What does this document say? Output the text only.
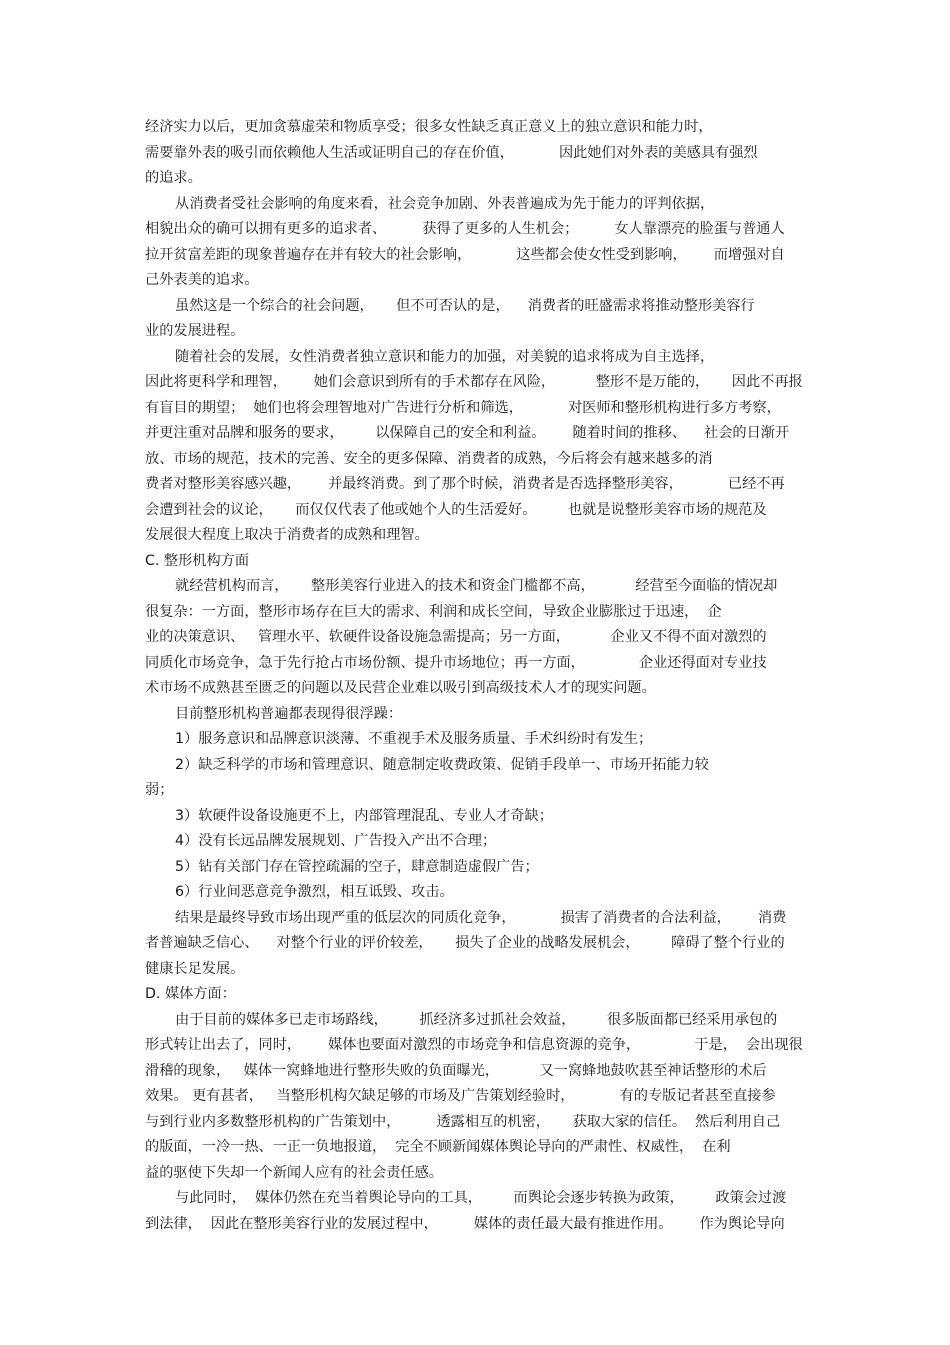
经济实力以后，更加贪慕虚荣和物质享受；很多女性缺乏真正意义上的独立意识和能力时，
需要靠外表的吸引而依赖他人生活或证明自己的存在价值，          因此她们对外表的美感具有强烈
的追求。
从消费者受社会影响的角度来看，社会竞争加剧、外表普遍成为先于能力的评判依据，
相貌出众的确可以拥有更多的追求者、        获得了更多的人生机会；        女人靠漂亮的脸蛋与普通人
拉开贫富差距的现象普遍存在并有较大的社会影响，          这些都会使女性受到影响，      而增强对自
己外表美的追求。
虽然这是一个综合的社会问题，     但不可否认的是，    消费者的旺盛需求将推动整形美容行
业的发展进程。
随着社会的发展，女性消费者独立意识和能力的加强，对美貌的追求将成为自主选择，
因此将更科学和理智，      她们会意识到所有的手术都存在风险，         整形不是万能的，     因此不再报
有盲目的期望；  她们也将会理智地对广告进行分析和筛选，          对医师和整形机构进行多方考察，
并更注重对品牌和服务的要求，       以保障自己的安全和利益。      随着时间的推移、    社会的日渐开
放、市场的规范，技术的完善、安全的更多保障、消费者的成熟，今后将会有越来越多的消
费者对整形美容感兴趣，      并最终消费。到了那个时候，消费者是否选择整形美容，          已经不再
会遭到社会的议论，     而仅仅代表了他或她个人的生活爱好。       也就是说整形美容市场的规范及
发展很大程度上取决于消费者的成熟和理智。
C. 整形机构方面
就经营机构而言，     整形美容行业进入的技术和资金门槛都不高，         经营至今面临的情况却
很复杂：一方面，整形市场存在巨大的需求、利润和成长空间，导致企业膨胀过于迅速，  企
业的决策意识、   管理水平、软硬件设备设施急需提高；另一方面，         企业又不得不面对激烈的
同质化市场竞争，急于先行抢占市场份额、提升市场地位；再一方面，            企业还得面对专业技
术市场不成熟甚至匮乏的问题以及民营企业难以吸引到高级技术人才的现实问题。
目前整形机构普遍都表现得很浮躁：
1）服务意识和品牌意识淡薄、不重视手术及服务质量、手术纠纷时有发生；
2）缺乏科学的市场和管理意识、随意制定收费政策、促销手段单一、市场开拓能力较
弱；
3）软硬件设备设施更不上，内部管理混乱、专业人才奇缺；
4）没有长远品牌发展规划、广告投入产出不合理；
5）钻有关部门存在管控疏漏的空子，肆意制造虚假广告；
6）行业间恶意竞争激烈，相互诋毁、攻击。
结果是最终导致市场出现严重的低层次的同质化竞争，          损害了消费者的合法利益，      消费
者普遍缺乏信心、    对整个行业的评价较差，     损失了企业的战略发展机会，       障碍了整个行业的
健康长足发展。
D. 媒体方面：
由于目前的媒体多已走市场路线，       抓经济多过抓社会效益，       很多版面都已经采用承包的
形式转让出去了，同时，      媒体也要面对激烈的市场竞争和信息资源的竞争，            于是，  会出现很
滑稽的现象，   媒体一窝蜂地进行整形失败的负面曝光，         又一窝蜂地鼓吹甚至神话整形的术后
效果。 更有甚者，   当整形机构欠缺足够的市场及广告策划经验时，          有的专版记者甚至直接参
与到行业内多数整形机构的广告策划中，        透露相互的机密，     获取大家的信任。  然后利用自己
的版面，一冷一热、一正一负地报道，  完全不顾新闻媒体舆论导向的严肃性、权威性，  在利
益的驱使下失却一个新闻人应有的社会责任感。
与此同时，  媒体仍然在充当着舆论导向的工具，       而舆论会逐步转换为政策，       政策会过渡
到法律，  因此在整形美容行业的发展过程中，        媒体的责任最大最有推进作用。      作为舆论导向
